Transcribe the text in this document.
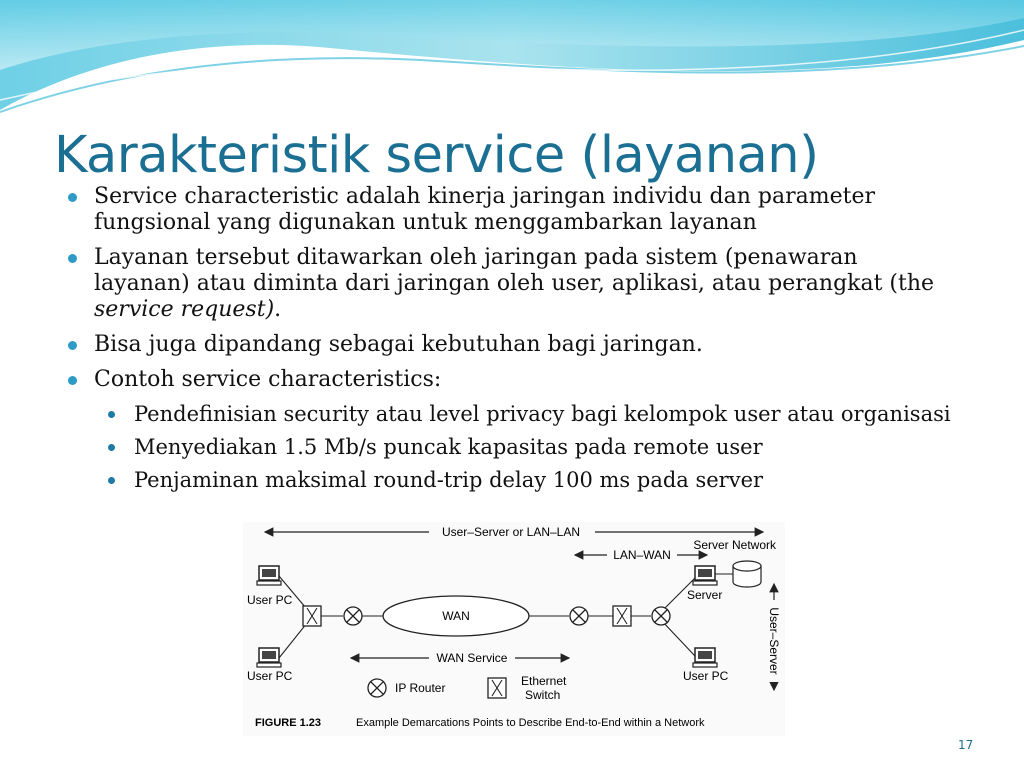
Karakteristik service (layanan)
Service characteristic adalah kinerja jaringan individu dan parameter fungsional yang digunakan untuk menggambarkan layanan
Layanan tersebut ditawarkan oleh jaringan pada sistem (penawaran layanan) atau diminta dari jaringan oleh user, aplikasi, atau perangkat (the service request).
Bisa juga dipandang sebagai kebutuhan bagi jaringan.
Contoh service characteristics:
Pendefinisian security atau level privacy bagi kelompok user atau organisasi
Menyediakan 1.5 Mb/s puncak kapasitas pada remote user
Penjaminan maksimal round-trip delay 100 ms pada server
User–Server or LAN–LAN
LAN–WAN
Server Network
User PC
User PC
WAN
Server
User PC
User–Server
WAN Service
IP Router	Ethernet
Switch
FIGURE 1.23	Example Demarcations Points to Describe End-to-End within a Network
17
